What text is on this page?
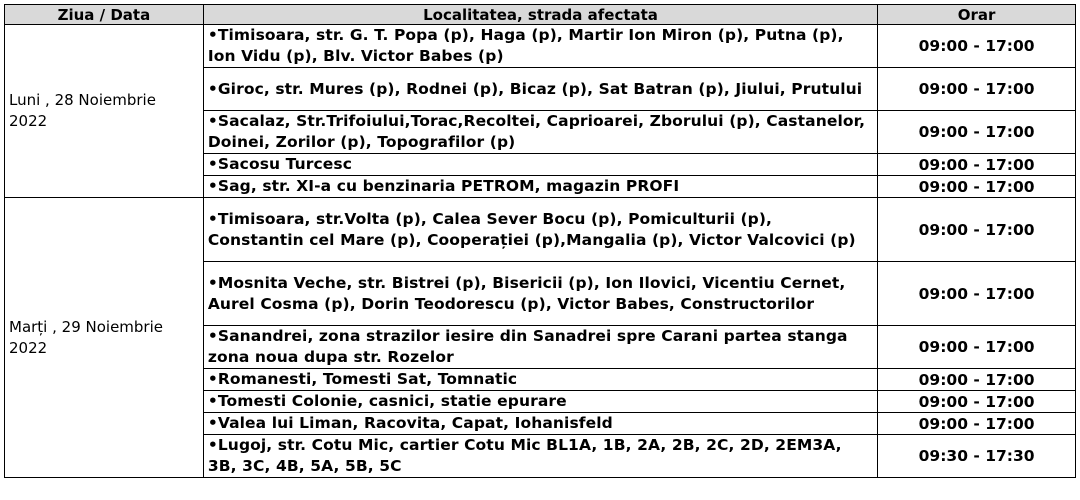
Ziua / Data	Localitatea, strada afectata	Orar

Luni , 28 Noiembrie
2022	•Timisoara, str. G. T. Popa (p), Haga (p), Martir Ion Miron (p), Putna (p), Ion Vidu (p), Blv. Victor Babes (p)	09:00 - 17:00
	•Giroc, str. Mures (p), Rodnei (p), Bicaz (p), Sat Batran (p), Jiului, Prutului	09:00 - 17:00
	•Sacalaz, Str.Trifoiului,Torac,Recoltei, Caprioarei, Zborului (p), Castanelor, Doinei, Zorilor (p), Topografilor (p)	09:00 - 17:00
	•Sacosu Turcesc	09:00 - 17:00
	•Sag, str. XI-a cu benzinaria PETROM, magazin PROFI	09:00 - 17:00

Marți , 29 Noiembrie
2022	•Timisoara, str.Volta (p), Calea Sever Bocu (p), Pomiculturii (p), Constantin cel Mare (p), Cooperației (p),Mangalia (p), Victor Valcovici (p)	09:00 - 17:00
	•Mosnita Veche, str. Bistrei (p), Bisericii (p), Ion Ilovici, Vicentiu Cernet, Aurel Cosma (p), Dorin Teodorescu (p), Victor Babes, Constructorilor	09:00 - 17:00
	•Sanandrei, zona strazilor iesire din Sanadrei spre Carani partea stanga zona noua dupa str. Rozelor	09:00 - 17:00
	•Romanesti, Tomesti Sat, Tomnatic	09:00 - 17:00
	•Tomesti Colonie, casnici, statie epurare	09:00 - 17:00
	•Valea lui Liman, Racovita, Capat, Iohanisfeld	09:00 - 17:00
	•Lugoj, str. Cotu Mic, cartier Cotu Mic BL1A, 1B, 2A, 2B, 2C, 2D, 2EM3A, 3B, 3C, 4B, 5A, 5B, 5C	09:30 - 17:30
